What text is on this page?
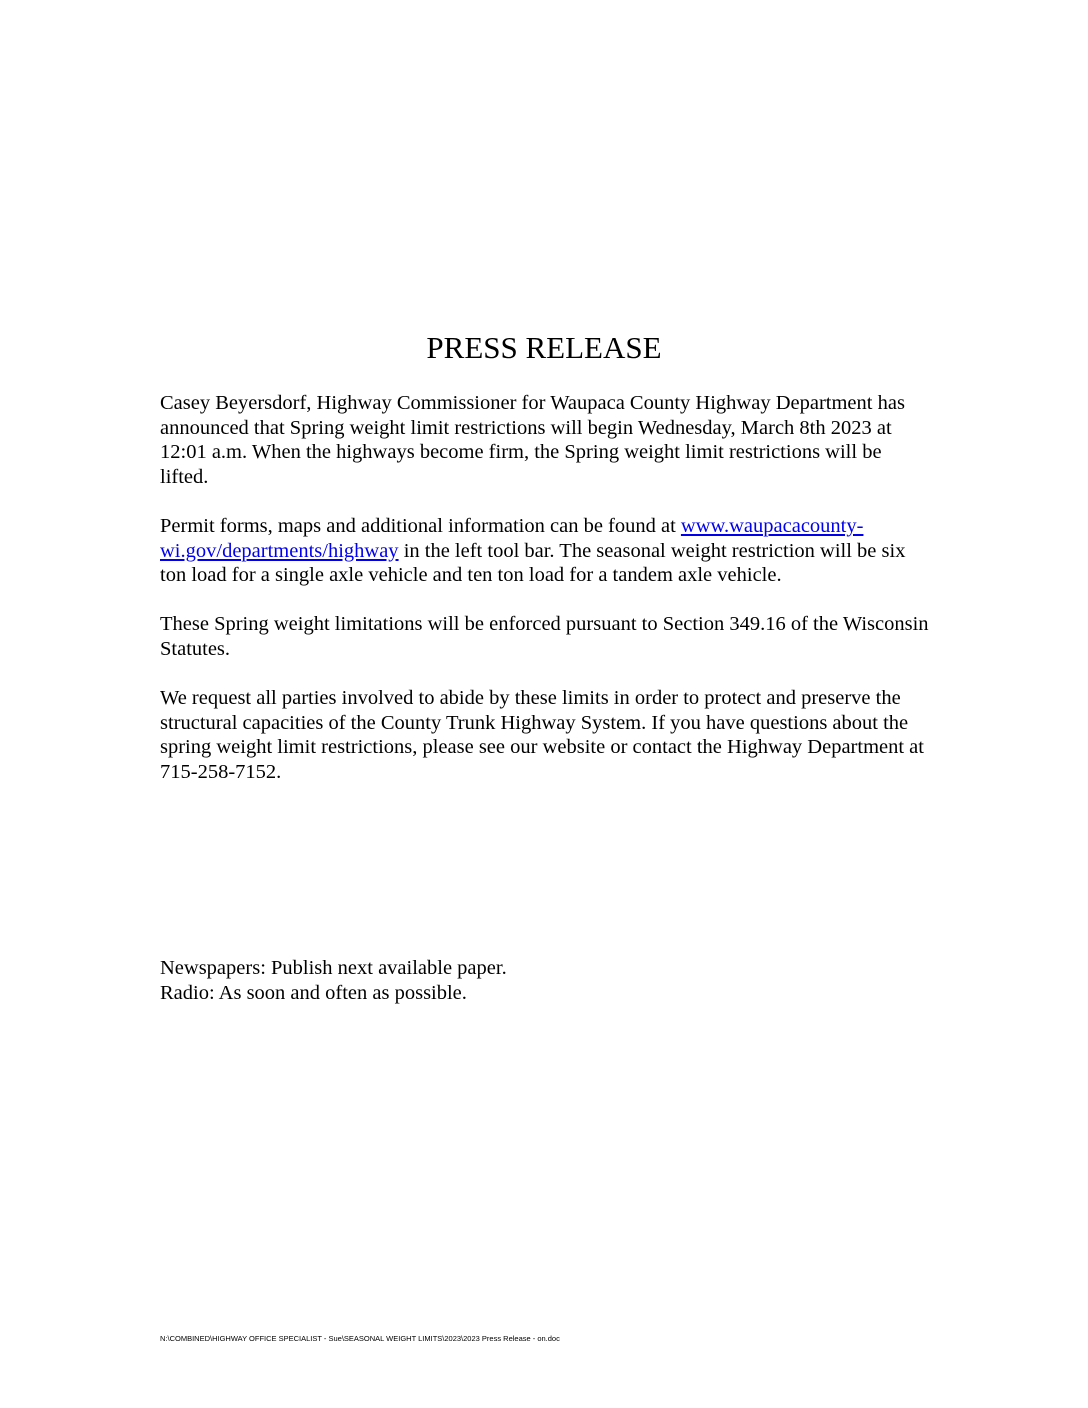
PRESS RELEASE

Casey Beyersdorf, Highway Commissioner for Waupaca County Highway Department has announced that Spring weight limit restrictions will begin Wednesday, March 8th 2023 at 12:01 a.m. When the highways become firm, the Spring weight limit restrictions will be lifted.

Permit forms, maps and additional information can be found at www.waupacacounty-wi.gov/departments/highway in the left tool bar. The seasonal weight restriction will be six ton load for a single axle vehicle and ten ton load for a tandem axle vehicle.

These Spring weight limitations will be enforced pursuant to Section 349.16 of the Wisconsin Statutes.

We request all parties involved to abide by these limits in order to protect and preserve the structural capacities of the County Trunk Highway System. If you have questions about the spring weight limit restrictions, please see our website or contact the Highway Department at 715-258-7152.

Newspapers: Publish next available paper.

Radio: As soon and often as possible.

N:\COMBINED\HIGHWAY OFFICE SPECIALIST - Sue\SEASONAL WEIGHT LIMITS\2023\2023 Press Release - on.doc
